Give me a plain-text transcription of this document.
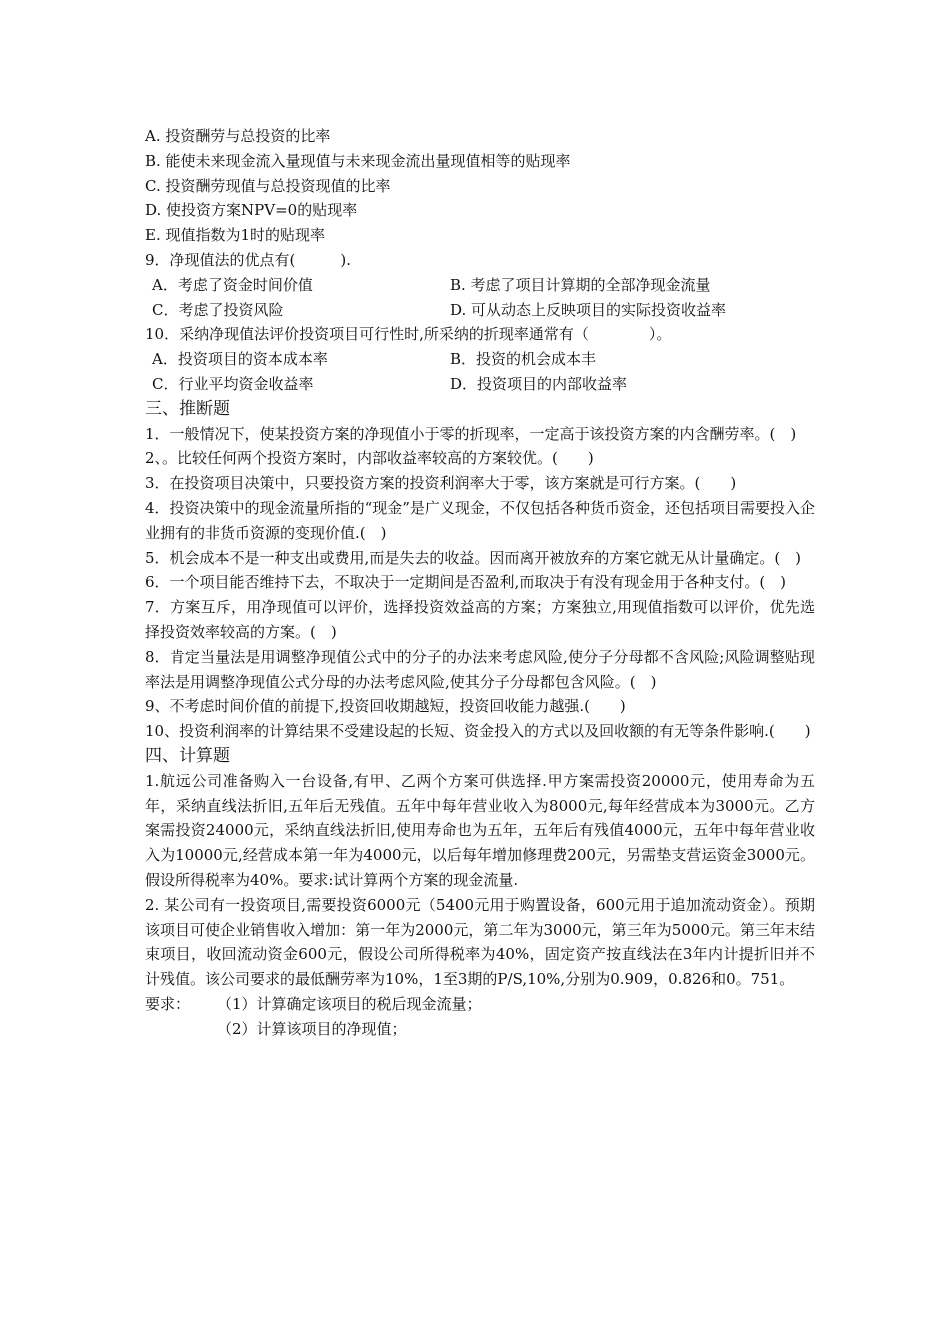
A. 投资酬劳与总投资的比率
B. 能使未来现金流入量现值与未来现金流出量现值相等的贴现率
C. 投资酬劳现值与总投资现值的比率
D. 使投资方案NPV=0的贴现率
E. 现值指数为1时的贴现率
9．净现值法的优点有(　　　).
A．考虑了资金时间价值	B. 考虑了项目计算期的全部净现金流量
C．考虑了投资风险	D. 可从动态上反映项目的实际投资收益率
10．采纳净现值法评价投资项目可行性时,所采纳的折现率通常有（　　　　）。
A．投资项目的资本成本率	B．投资的机会成本丰
C．行业平均资金收益率	D．投资项目的内部收益率
三、推断题
1．一般情况下，使某投资方案的净现值小于零的折现率，一定高于该投资方案的内含酬劳率。(　)
2、。比较任何两个投资方案时，内部收益率较高的方案较优。(　　)
3．在投资项目决策中，只要投资方案的投资利润率大于零，该方案就是可行方案。(　　)
4．投资决策中的现金流量所指的“现金”是广义现金，不仅包括各种货币资金，还包括项目需要投入企业拥有的非货币资源的变现价值.(　)
5．机会成本不是一种支出或费用,而是失去的收益。因而离开被放弃的方案它就无从计量确定。(　)
6．一个项目能否维持下去，不取决于一定期间是否盈利,而取决于有没有现金用于各种支付。(　)
7．方案互斥，用净现值可以评价，选择投资效益高的方案；方案独立,用现值指数可以评价，优先选择投资效率较高的方案。(　)
8．肯定当量法是用调整净现值公式中的分子的办法来考虑风险,使分子分母都不含风险;风险调整贴现率法是用调整净现值公式分母的办法考虑风险,使其分子分母都包含风险。(　)
9、不考虑时间价值的前提下,投资回收期越短，投资回收能力越强.(　　)
10、投资利润率的计算结果不受建设起的长短、资金投入的方式以及回收额的有无等条件影响.(　　)
四、计算题
1.航远公司准备购入一台设备,有甲、乙两个方案可供选择.甲方案需投资20000元，使用寿命为五年，采纳直线法折旧,五年后无残值。五年中每年营业收入为8000元,每年经营成本为3000元。乙方案需投资24000元，采纳直线法折旧,使用寿命也为五年，五年后有残值4000元，五年中每年营业收入为10000元,经营成本第一年为4000元，以后每年增加修理费200元，另需垫支营运资金3000元。假设所得税率为40%。要求:试计算两个方案的现金流量.
2. 某公司有一投资项目,需要投资6000元（5400元用于购置设备，600元用于追加流动资金）。预期该项目可使企业销售收入增加：第一年为2000元，第二年为3000元，第三年为5000元。第三年末结束项目，收回流动资金600元，假设公司所得税率为40%，固定资产按直线法在3年内计提折旧并不计残值。该公司要求的最低酬劳率为10%，1至3期的P/S,10%,分别为0.909，0.826和0。751。
要求： （1）计算确定该项目的税后现金流量；
（2）计算该项目的净现值；
